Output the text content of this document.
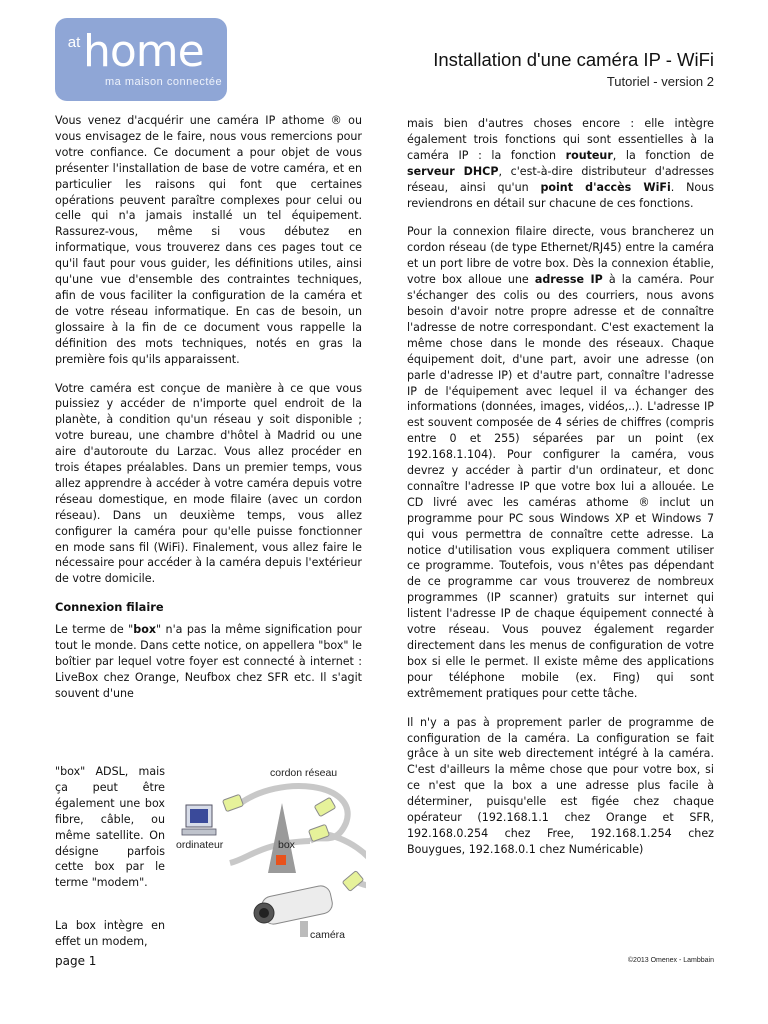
at home
ma maison connectée
Installation d'une caméra IP - WiFi
Tutoriel - version 2

Vous venez d'acquérir une caméra IP athome ® ou vous envisagez de le faire, nous vous remercions pour votre confiance. Ce document a pour objet de vous présenter l'installation de base de votre caméra, et en particulier les raisons qui font que certaines opérations peuvent paraître complexes pour celui ou celle qui n'a jamais installé un tel équipement. Rassurez-vous, même si vous débutez en informatique, vous trouverez dans ces pages tout ce qu'il faut pour vous guider, les définitions utiles, ainsi qu'une vue d'ensemble des contraintes techniques, afin de vous faciliter la configuration de la caméra et de votre réseau informatique. En cas de besoin, un glossaire à la fin de ce document vous rappelle la définition des mots techniques, notés en gras la première fois qu'ils apparaissent.

Votre caméra est conçue de manière à ce que vous puissiez y accéder de n'importe quel endroit de la planète, à condition qu'un réseau y soit disponible ; votre bureau, une chambre d'hôtel à Madrid ou une aire d'autoroute du Larzac. Vous allez procéder en trois étapes préalables. Dans un premier temps, vous allez apprendre à accéder à votre caméra depuis votre réseau domestique, en mode filaire (avec un cordon réseau). Dans un deuxième temps, vous allez configurer la caméra pour qu'elle puisse fonctionner en mode sans fil (WiFi). Finalement, vous allez faire le nécessaire pour accéder à la caméra depuis l'extérieur de votre domicile.

Connexion filaire

Le terme de "box" n'a pas la même signification pour tout le monde. Dans cette notice, on appellera "box" le boîtier par lequel votre foyer est connecté à internet : LiveBox chez Orange, Neufbox chez SFR etc. Il s'agit souvent d'une

"box" ADSL, mais ça peut être également une box fibre, câble, ou même satellite. On désigne parfois cette box par le terme "modem".
La box intègre en effet un modem,
cordon réseau
ordinateur	box
caméra

mais bien d'autres choses encore : elle intègre également trois fonctions qui sont essentielles à la caméra IP : la fonction routeur, la fonction de serveur DHCP, c'est-à-dire distributeur d'adresses réseau, ainsi qu'un point d'accès WiFi. Nous reviendrons en détail sur chacune de ces fonctions.

Pour la connexion filaire directe, vous brancherez un cordon réseau (de type Ethernet/RJ45) entre la caméra et un port libre de votre box. Dès la connexion établie, votre box alloue une adresse IP à la caméra. Pour s'échanger des colis ou des courriers, nous avons besoin d'avoir notre propre adresse et de connaître l'adresse de notre correspondant. C'est exactement la même chose dans le monde des réseaux. Chaque équipement doit, d'une part, avoir une adresse (on parle d'adresse IP) et d'autre part, connaître l'adresse IP de l'équipement avec lequel il va échanger des informations (données, images, vidéos,..). L'adresse IP est souvent composée de 4 séries de chiffres (compris entre 0 et 255) séparées par un point (ex 192.168.1.104). Pour configurer la caméra, vous devrez y accéder à partir d'un ordinateur, et donc connaître l'adresse IP que votre box lui a allouée. Le CD livré avec les caméras athome ® inclut un programme pour PC sous Windows XP et Windows 7 qui vous permettra de connaître cette adresse. La notice d'utilisation vous expliquera comment utiliser ce programme. Toutefois, vous n'êtes pas dépendant de ce programme car vous trouverez de nombreux programmes (IP scanner) gratuits sur internet qui listent l'adresse IP de chaque équipement connecté à votre réseau. Vous pouvez également regarder directement dans les menus de configuration de votre box si elle le permet. Il existe même des applications pour téléphone mobile (ex. Fing) qui sont extrêmement pratiques pour cette tâche.

Il n'y a pas à proprement parler de programme de configuration de la caméra. La configuration se fait grâce à un site web directement intégré à la caméra. C'est d'ailleurs la même chose que pour votre box, si ce n'est que la box a une adresse plus facile à déterminer, puisqu'elle est figée chez chaque opérateur (192.168.1.1 chez Orange et SFR, 192.168.0.254 chez Free, 192.168.1.254 chez Bouygues, 192.168.0.1 chez Numéricable)

page 1	©2013 Omenex - Lambbain
